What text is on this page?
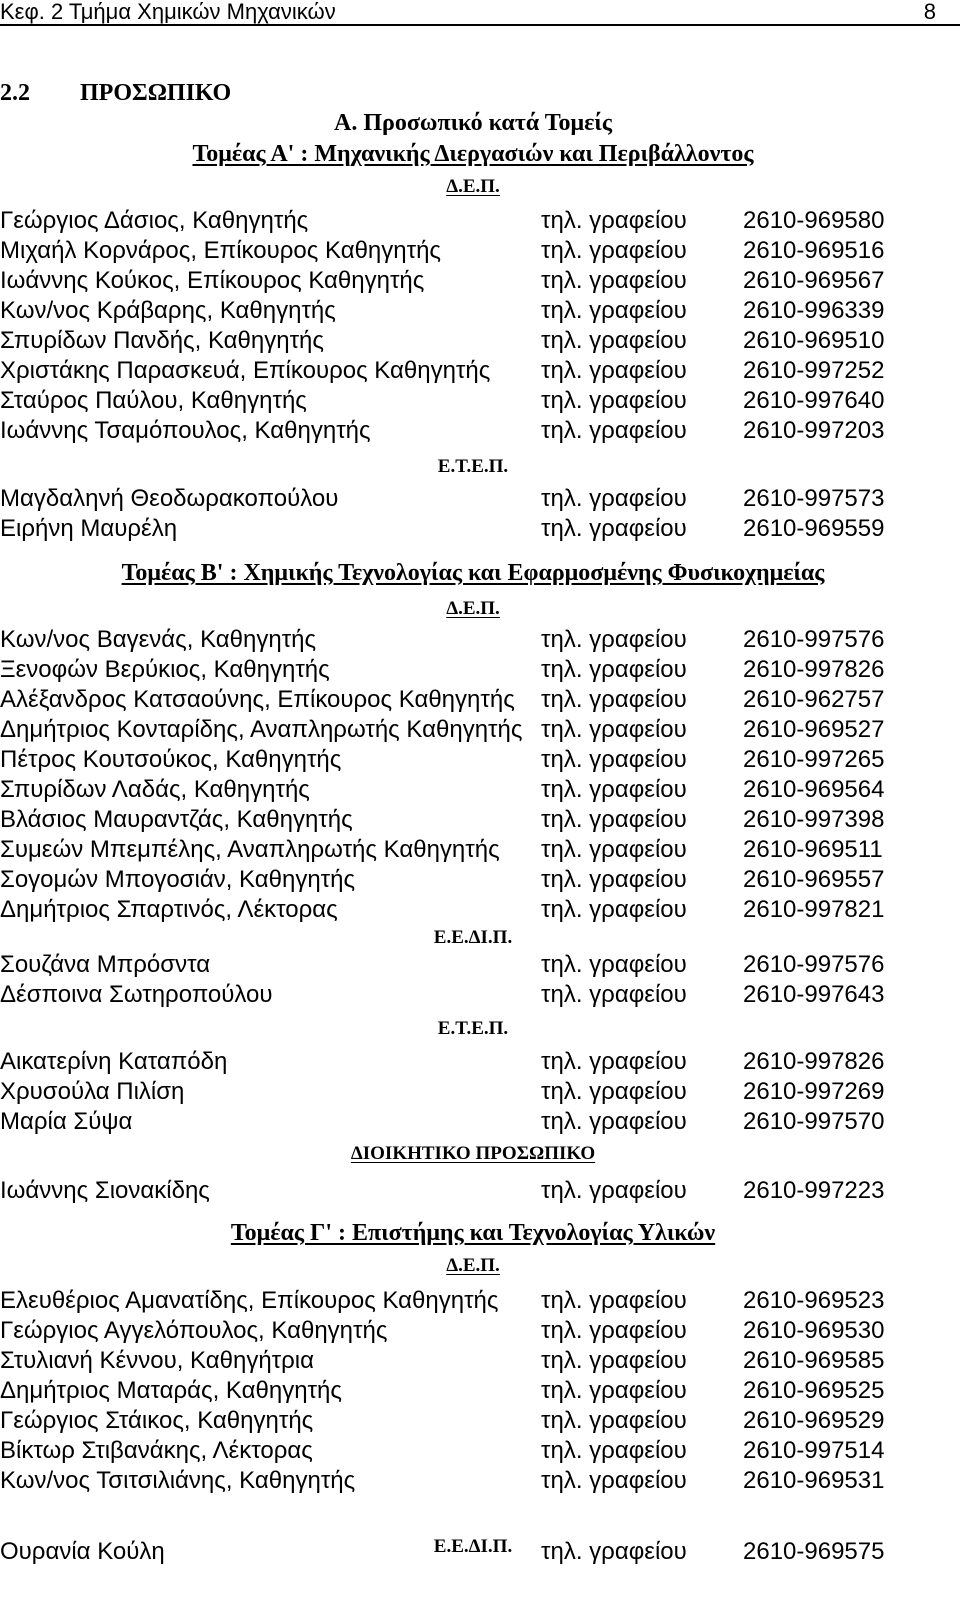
Κεφ. 2 Τμήμα Χημικών Μηχανικών	8
2.2 ΠΡΟΣΩΠΙΚΟ
Α. Προσωπικό κατά Τομείς
Τομέας Α' : Μηχανικής Διεργασιών και Περιβάλλοντος
Δ.Ε.Π.
Γεώργιος Δάσιος, Καθηγητής	τηλ. γραφείου 2610-969580
Μιχαήλ Κορνάρος, Επίκουρος Καθηγητής	τηλ. γραφείου 2610-969516
Ιωάννης Κούκος, Επίκουρος Καθηγητής	τηλ. γραφείου 2610-969567
Κων/νος Κράβαρης, Καθηγητής	τηλ. γραφείου 2610-996339
Σπυρίδων Πανδής, Καθηγητής	τηλ. γραφείου 2610-969510
Χριστάκης Παρασκευά, Επίκουρος Καθηγητής τηλ. γραφείου 2610-997252
Σταύρος Παύλου, Καθηγητής	τηλ. γραφείου 2610-997640
Ιωάννης Τσαμόπουλος, Καθηγητής	τηλ. γραφείου 2610-997203
Ε.Τ.Ε.Π.
Μαγδαληνή Θεοδωρακοπούλου	τηλ. γραφείου 2610-997573
Ειρήνη Μαυρέλη	τηλ. γραφείου 2610-969559
Τομέας Β' : Χημικής Τεχνολογίας και Εφαρμοσμένης Φυσικοχημείας
Δ.Ε.Π.
Κων/νος Βαγενάς, Καθηγητής	τηλ. γραφείου 2610-997576
Ξενοφών Βερύκιος, Καθηγητής	τηλ. γραφείου 2610-997826
Αλέξανδρος Κατσαούνης, Επίκουρος Καθηγητής τηλ. γραφείου 2610-962757
Δημήτριος Κονταρίδης, Αναπληρωτής Καθηγητής τηλ. γραφείου 2610-969527
Πέτρος Κουτσούκος, Καθηγητής	τηλ. γραφείου 2610-997265
Σπυρίδων Λαδάς, Καθηγητής	τηλ. γραφείου 2610-969564
Βλάσιος Μαυραντζάς, Καθηγητής	τηλ. γραφείου 2610-997398
Συμεών Μπεμπέλης, Αναπληρωτής Καθηγητής τηλ. γραφείου 2610-969511
Σογομών Μπογοσιάν, Καθηγητής	τηλ. γραφείου 2610-969557
Δημήτριος Σπαρτινός, Λέκτορας	τηλ. γραφείου 2610-997821
Ε.Ε.ΔΙ.Π.
Σουζάνα Μπρόσντα	τηλ. γραφείου 2610-997576
Δέσποινα Σωτηροπούλου	τηλ. γραφείου 2610-997643
Ε.Τ.Ε.Π.
Αικατερίνη Καταπόδη	τηλ. γραφείου 2610-997826
Χρυσούλα Πιλίση	τηλ. γραφείου 2610-997269
Μαρία Σύψα	τηλ. γραφείου 2610-997570
ΔΙΟΙΚΗΤΙΚΟ ΠΡΟΣΩΠΙΚΟ
Ιωάννης Σιονακίδης	τηλ. γραφείου 2610-997223
Τομέας Γ' : Επιστήμης και Τεχνολογίας Υλικών
Δ.Ε.Π.
Ελευθέριος Αμανατίδης, Επίκουρος Καθηγητής τηλ. γραφείου 2610-969523
Γεώργιος Αγγελόπουλος, Καθηγητής	τηλ. γραφείου 2610-969530
Στυλιανή Κέννου, Καθηγήτρια	τηλ. γραφείου 2610-969585
Δημήτριος Ματαράς, Καθηγητής	τηλ. γραφείου 2610-969525
Γεώργιος Στάικος, Καθηγητής	τηλ. γραφείου 2610-969529
Βίκτωρ Στιβανάκης, Λέκτορας	τηλ. γραφείου 2610-997514
Κων/νος Τσιτσιλιάνης, Καθηγητής	τηλ. γραφείου 2610-969531
Ε.Ε.ΔΙ.Π.
Ουρανία Κούλη	τηλ. γραφείου 2610-969575
